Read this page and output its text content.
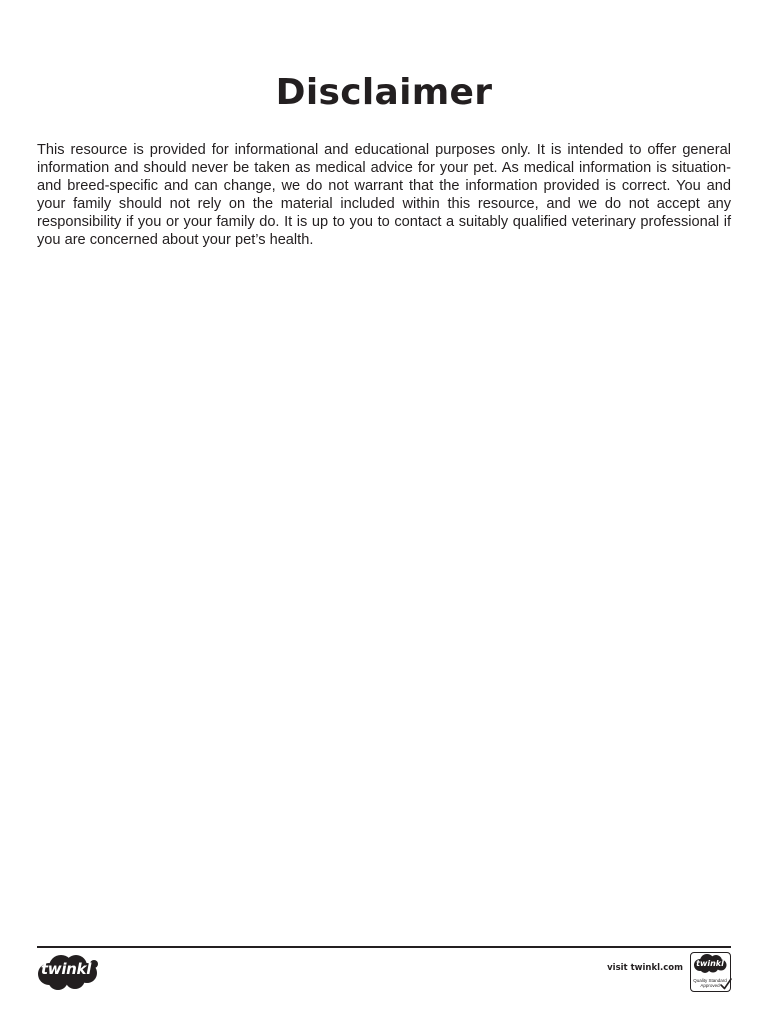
Disclaimer

This resource is provided for informational and educational purposes only. It is intended to offer general information and should never be taken as medical advice for your pet. As medical information is situation- and breed-specific and can change, we do not warrant that the information provided is correct. You and your family should not rely on the material included within this resource, and we do not accept any responsibility if you or your family do. It is up to you to contact a suitably qualified veterinary professional if you are concerned about your pet’s health.

twinkl	visit twinkl.com twinkl
Quality Standard
Approved
